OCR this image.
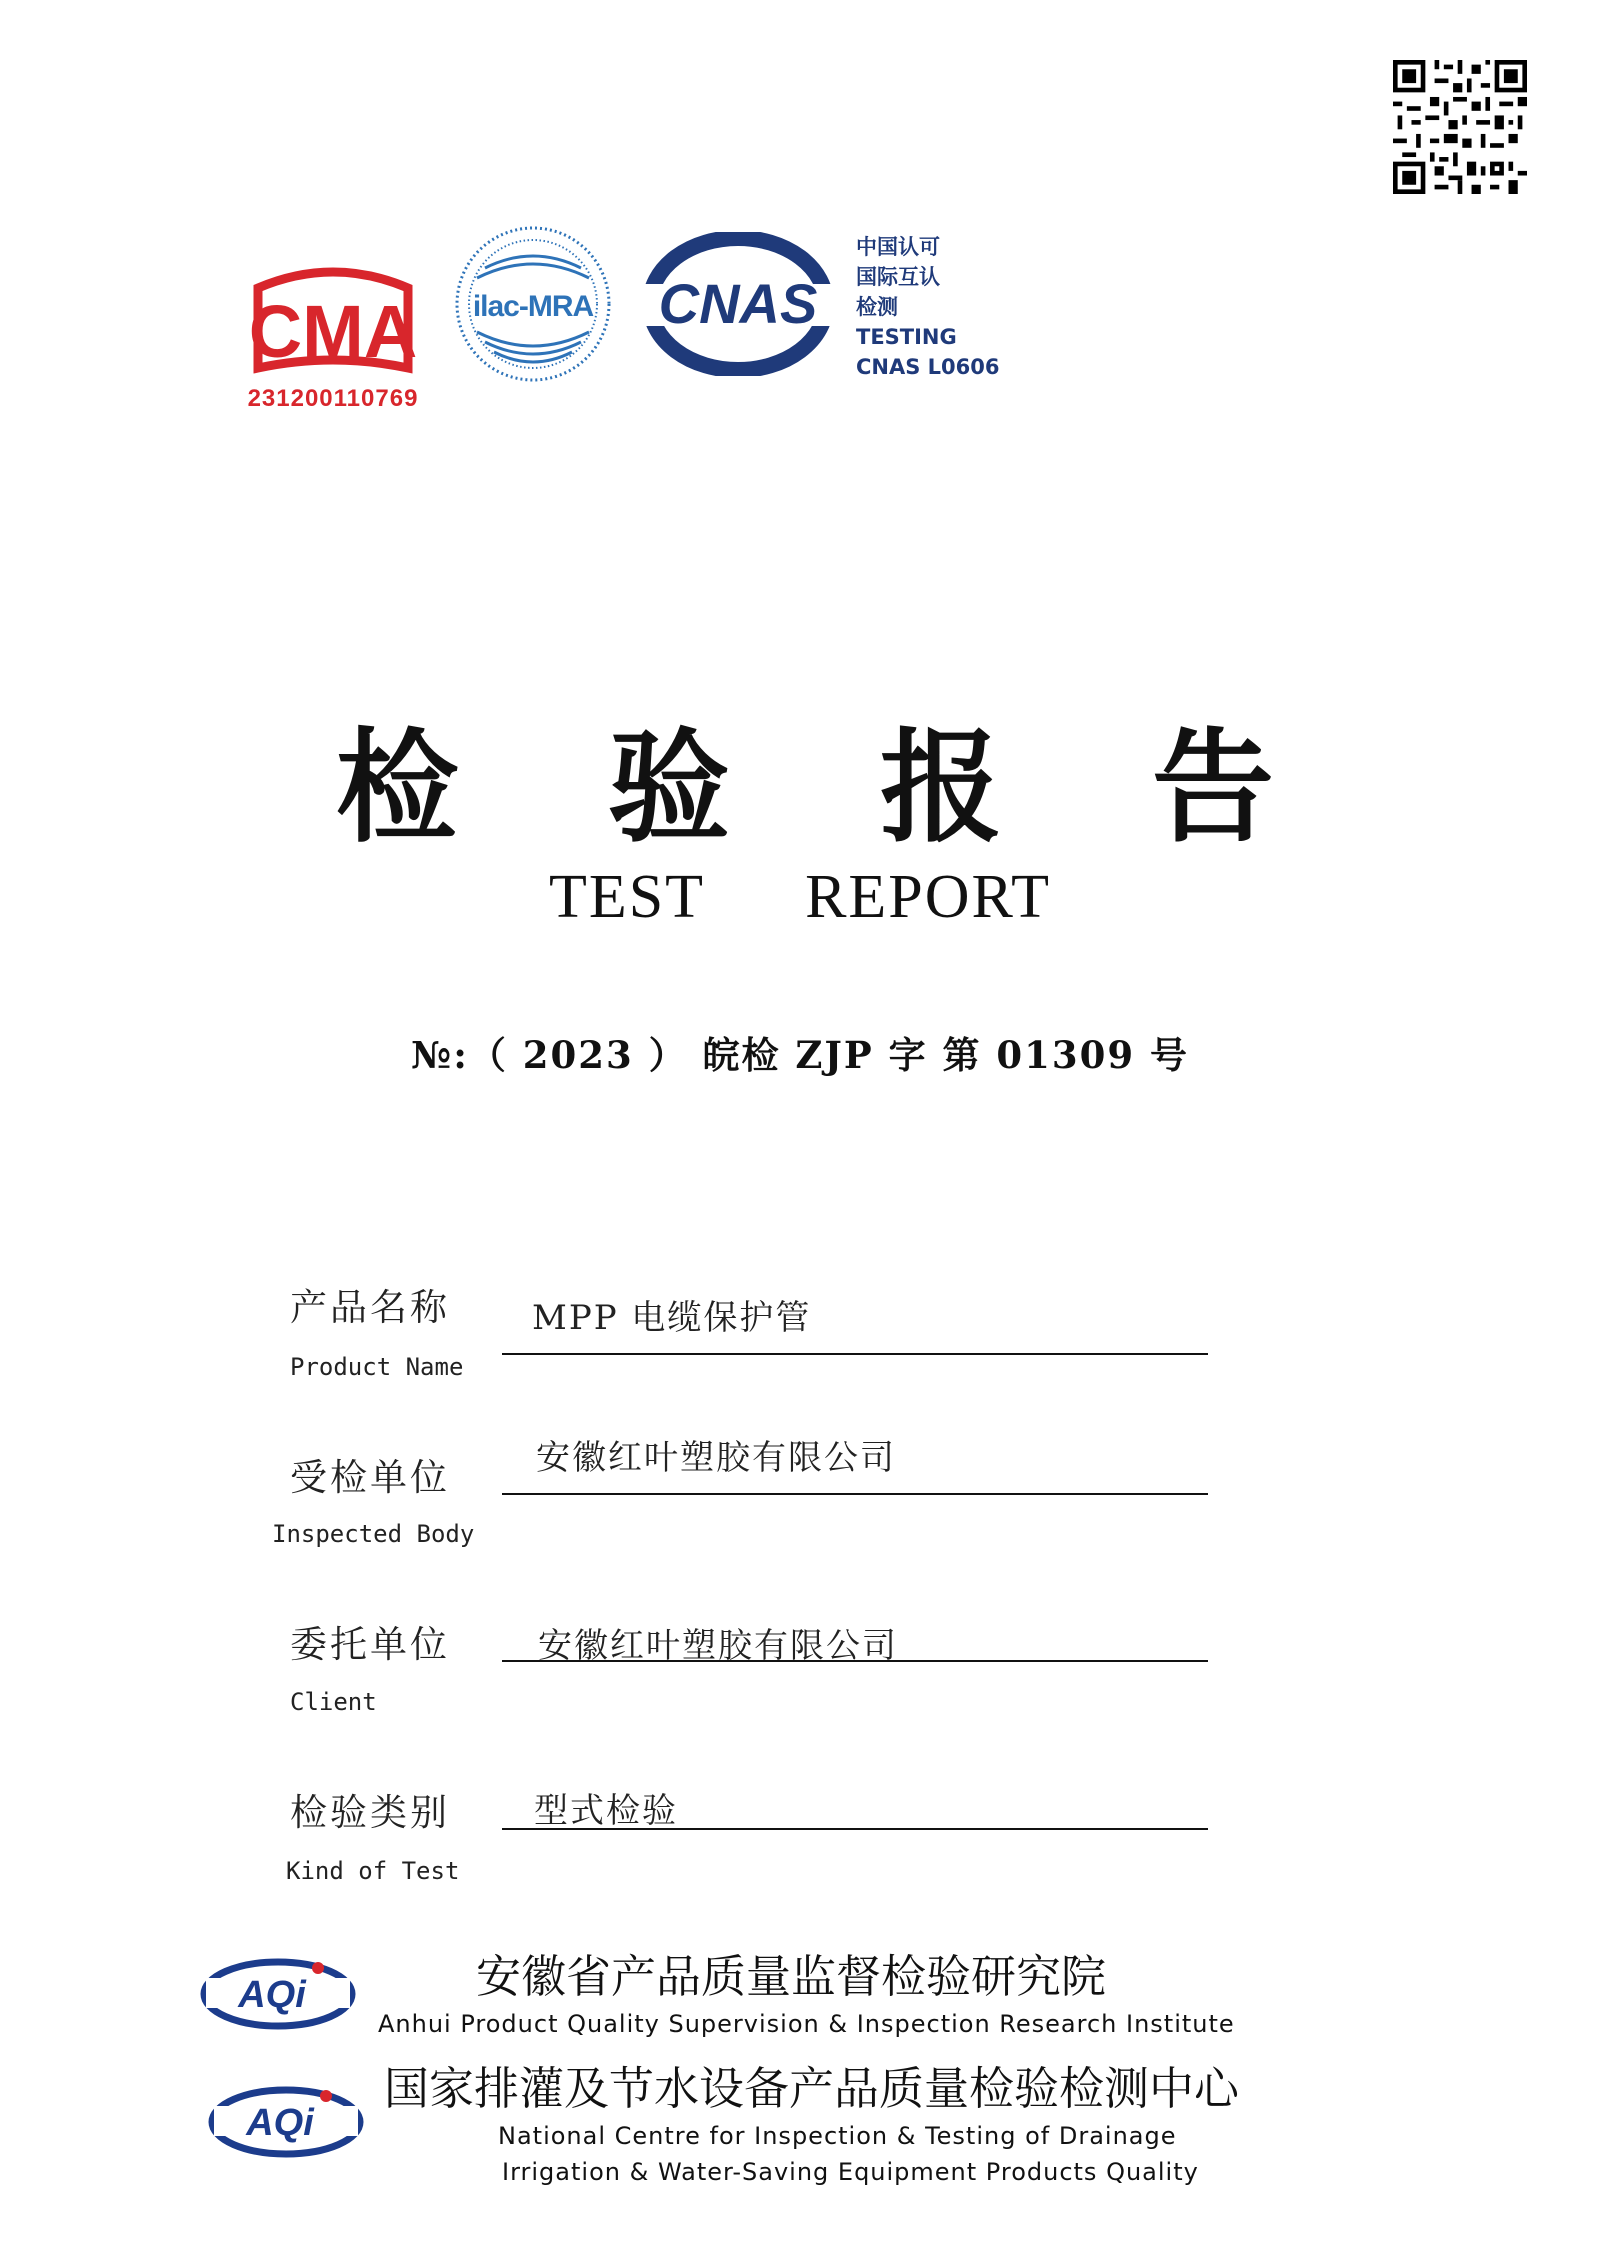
CMA
231200110769
ilac-MRA CNAS
中国认可
国际互认
检测
TESTING
CNAS L0606
检 验 报 告
TEST REPORT
№:（ 2023 ） 皖检 ZJP 字 第 01309 号
产品名称
Product Name
MPP 电缆保护管
受检单位
Inspected Body
安徽红叶塑胶有限公司
委托单位
Client
安徽红叶塑胶有限公司
检验类别
Kind of Test
型式检验
AQi	安徽省产品质量监督检验研究院
Anhui Product Quality Supervision & Inspection Research Institute
AQi
国家排灌及节水设备产品质量检验检测中心
National Centre for Inspection & Testing of Drainage
Irrigation & Water-Saving Equipment Products Quality
